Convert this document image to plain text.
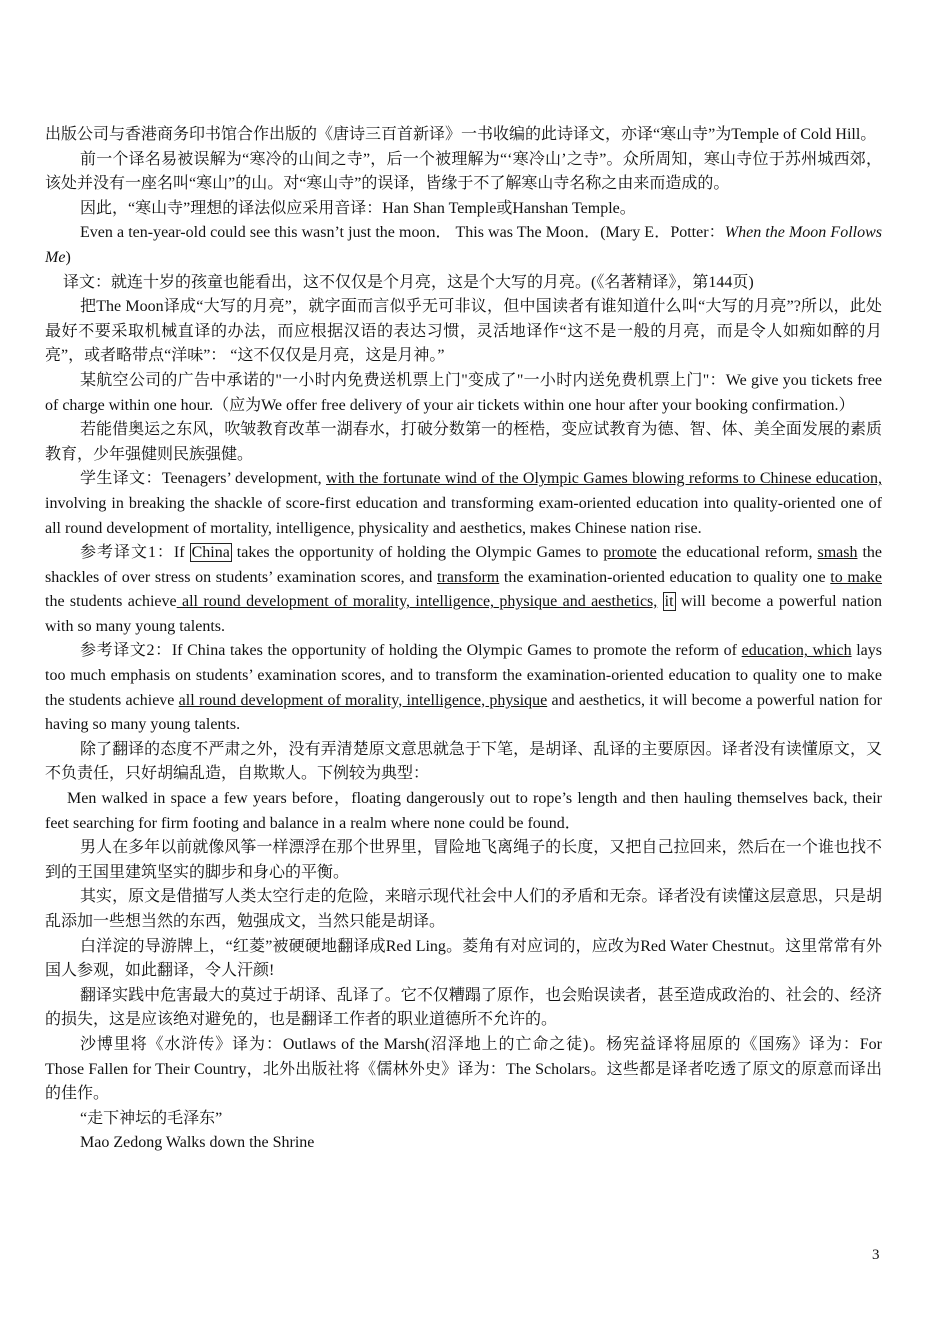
出版公司与香港商务印书馆合作出版的《唐诗三百首新译》一书收编的此诗译文，亦译“寒山寺”为Temple of Cold Hill。

前一个译名易被误解为“寒冷的山间之寺”，后一个被理解为“‘寒冷山’之寺”。众所周知，寒山寺位于苏州城西郊，该处并没有一座名叫“寒山”的山。对“寒山寺”的误译，皆缘于不了解寒山寺名称之由来而造成的。

因此，“寒山寺”理想的译法似应采用音译：Han Shan Temple或Hanshan Temple。

Even a ten-year-old could see this wasn’t just the moon． This was The Moon．(Mary E．Potter：When the Moon Follows Me)

译文：就连十岁的孩童也能看出，这不仅仅是个月亮，这是个大写的月亮。(《名著精译》，第144页)

把The Moon译成“大写的月亮”，就字面而言似乎无可非议，但中国读者有谁知道什么叫“大写的月亮”?所以，此处最好不要采取机械直译的办法，而应根据汉语的表达习惯，灵活地译作“这不是一般的月亮，而是令人如痴如醉的月亮”，或者略带点“洋味”： “这不仅仅是月亮，这是月神。”

某航空公司的广告中承诺的"一小时内免费送机票上门"变成了"一小时内送免费机票上门"：We give you tickets free of charge within one hour.（应为We offer free delivery of your air tickets within one hour after your booking confirmation.）

若能借奥运之东风，吹皱教育改革一湖春水，打破分数第一的桎梏，变应试教育为德、智、体、美全面发展的素质教育，少年强健则民族强健。

学生译文：Teenagers’ development, with the fortunate wind of the Olympic Games blowing reforms to Chinese education, involving in breaking the shackle of score-first education and transforming exam-oriented education into quality-oriented one of all round development of mortality, intelligence, physicality and aesthetics, makes Chinese nation rise.

参考译文1：If China takes the opportunity of holding the Olympic Games to promote the educational reform, smash the shackles of over stress on students’ examination scores, and transform the examination-oriented education to quality one to make the students achieve all round development of morality, intelligence, physique and aesthetics, it will become a powerful nation with so many young talents.

参考译文2：If China takes the opportunity of holding the Olympic Games to promote the reform of education, which lays too much emphasis on students’ examination scores, and to transform the examination-oriented education to quality one to make the students achieve all round development of morality, intelligence, physique and aesthetics, it will become a powerful nation for having so many young talents.

除了翻译的态度不严肃之外，没有弄清楚原文意思就急于下笔，是胡译、乱译的主要原因。译者没有读懂原文，又不负责任，只好胡编乱造，自欺欺人。下例较为典型：

Men walked in space a few years before，floating dangerously out to rope’s length and then hauling themselves back, their feet searching for firm footing and balance in a realm where none could be found．

男人在多年以前就像风筝一样漂浮在那个世界里，冒险地飞离绳子的长度，又把自己拉回来，然后在一个谁也找不到的王国里建筑坚实的脚步和身心的平衡。

其实，原文是借描写人类太空行走的危险，来暗示现代社会中人们的矛盾和无奈。译者没有读懂这层意思，只是胡乱添加一些想当然的东西，勉强成文，当然只能是胡译。

白洋淀的导游牌上，“红菱”被硬硬地翻译成Red Ling。菱角有对应词的，应改为Red Water Chestnut。这里常常有外国人参观，如此翻译，令人汗颜!

翻译实践中危害最大的莫过于胡译、乱译了。它不仅糟蹋了原作，也会贻误读者，甚至造成政治的、社会的、经济的损失，这是应该绝对避免的，也是翻译工作者的职业道德所不允许的。

沙博里将《水浒传》译为：Outlaws of the Marsh(沼泽地上的亡命之徒)。杨宪益译将屈原的《国殇》译为：For Those Fallen for Their Country，北外出版社将《儒林外史》译为：The Scholars。这些都是译者吃透了原文的原意而译出的佳作。

“走下神坛的毛泽东”

Mao Zedong Walks down the Shrine

3
